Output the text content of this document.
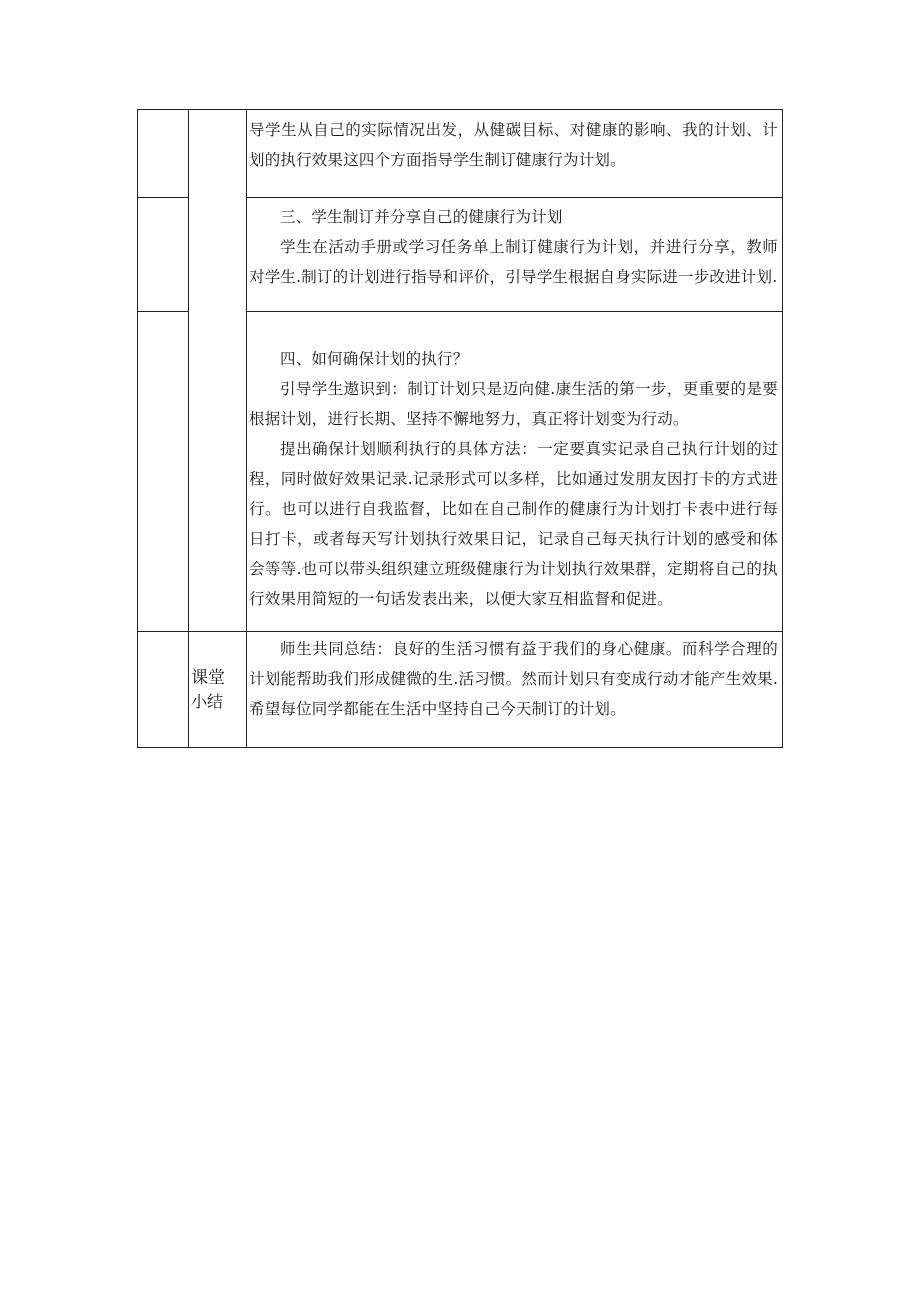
		导学生从自己的实际情况出发，从健碳目标、对健康的影响、我的计划、计划的执行效果这四个方面指导学生制订健康行为计划。

		三、学生制订并分享自己的健康行为计划

学生在活动手册或学习任务单上制订健康行为计划，并进行分享，教师对学生.制订的计划进行指导和评价，引导学生根据自身实际进一步改进计划.

		四、如何确保计划的执行？

引导学生遨识到：制订计划只是迈向健.康生活的第一步，更重要的是要根据计划，进行长期、坚持不懈地努力，真正将计划变为行动。

提出确保计划顺利执行的具体方法：一定要真实记录自己执行计划的过程，同时做好效果记录.记录形式可以多样，比如通过发朋友因打卡的方式进行。也可以进行自我监督，比如在自己制作的健康行为计划打卡表中进行每日打卡，或者每天写计划执行效果日记，记录自己每天执行计划的感受和体会等等.也可以带头组织建立班级健康行为计划执行效果群，定期将自己的执行效果用简短的一句话发表出来，以便大家互相监督和促进。

	课堂
小结	师生共同总结：良好的生活习惯有益于我们的身心健康。而科学合理的计划能帮助我们形成健微的生.活习惯。然而计划只有变成行动才能产生效果.希望每位同学都能在生活中坚持自己今天制订的计划。
